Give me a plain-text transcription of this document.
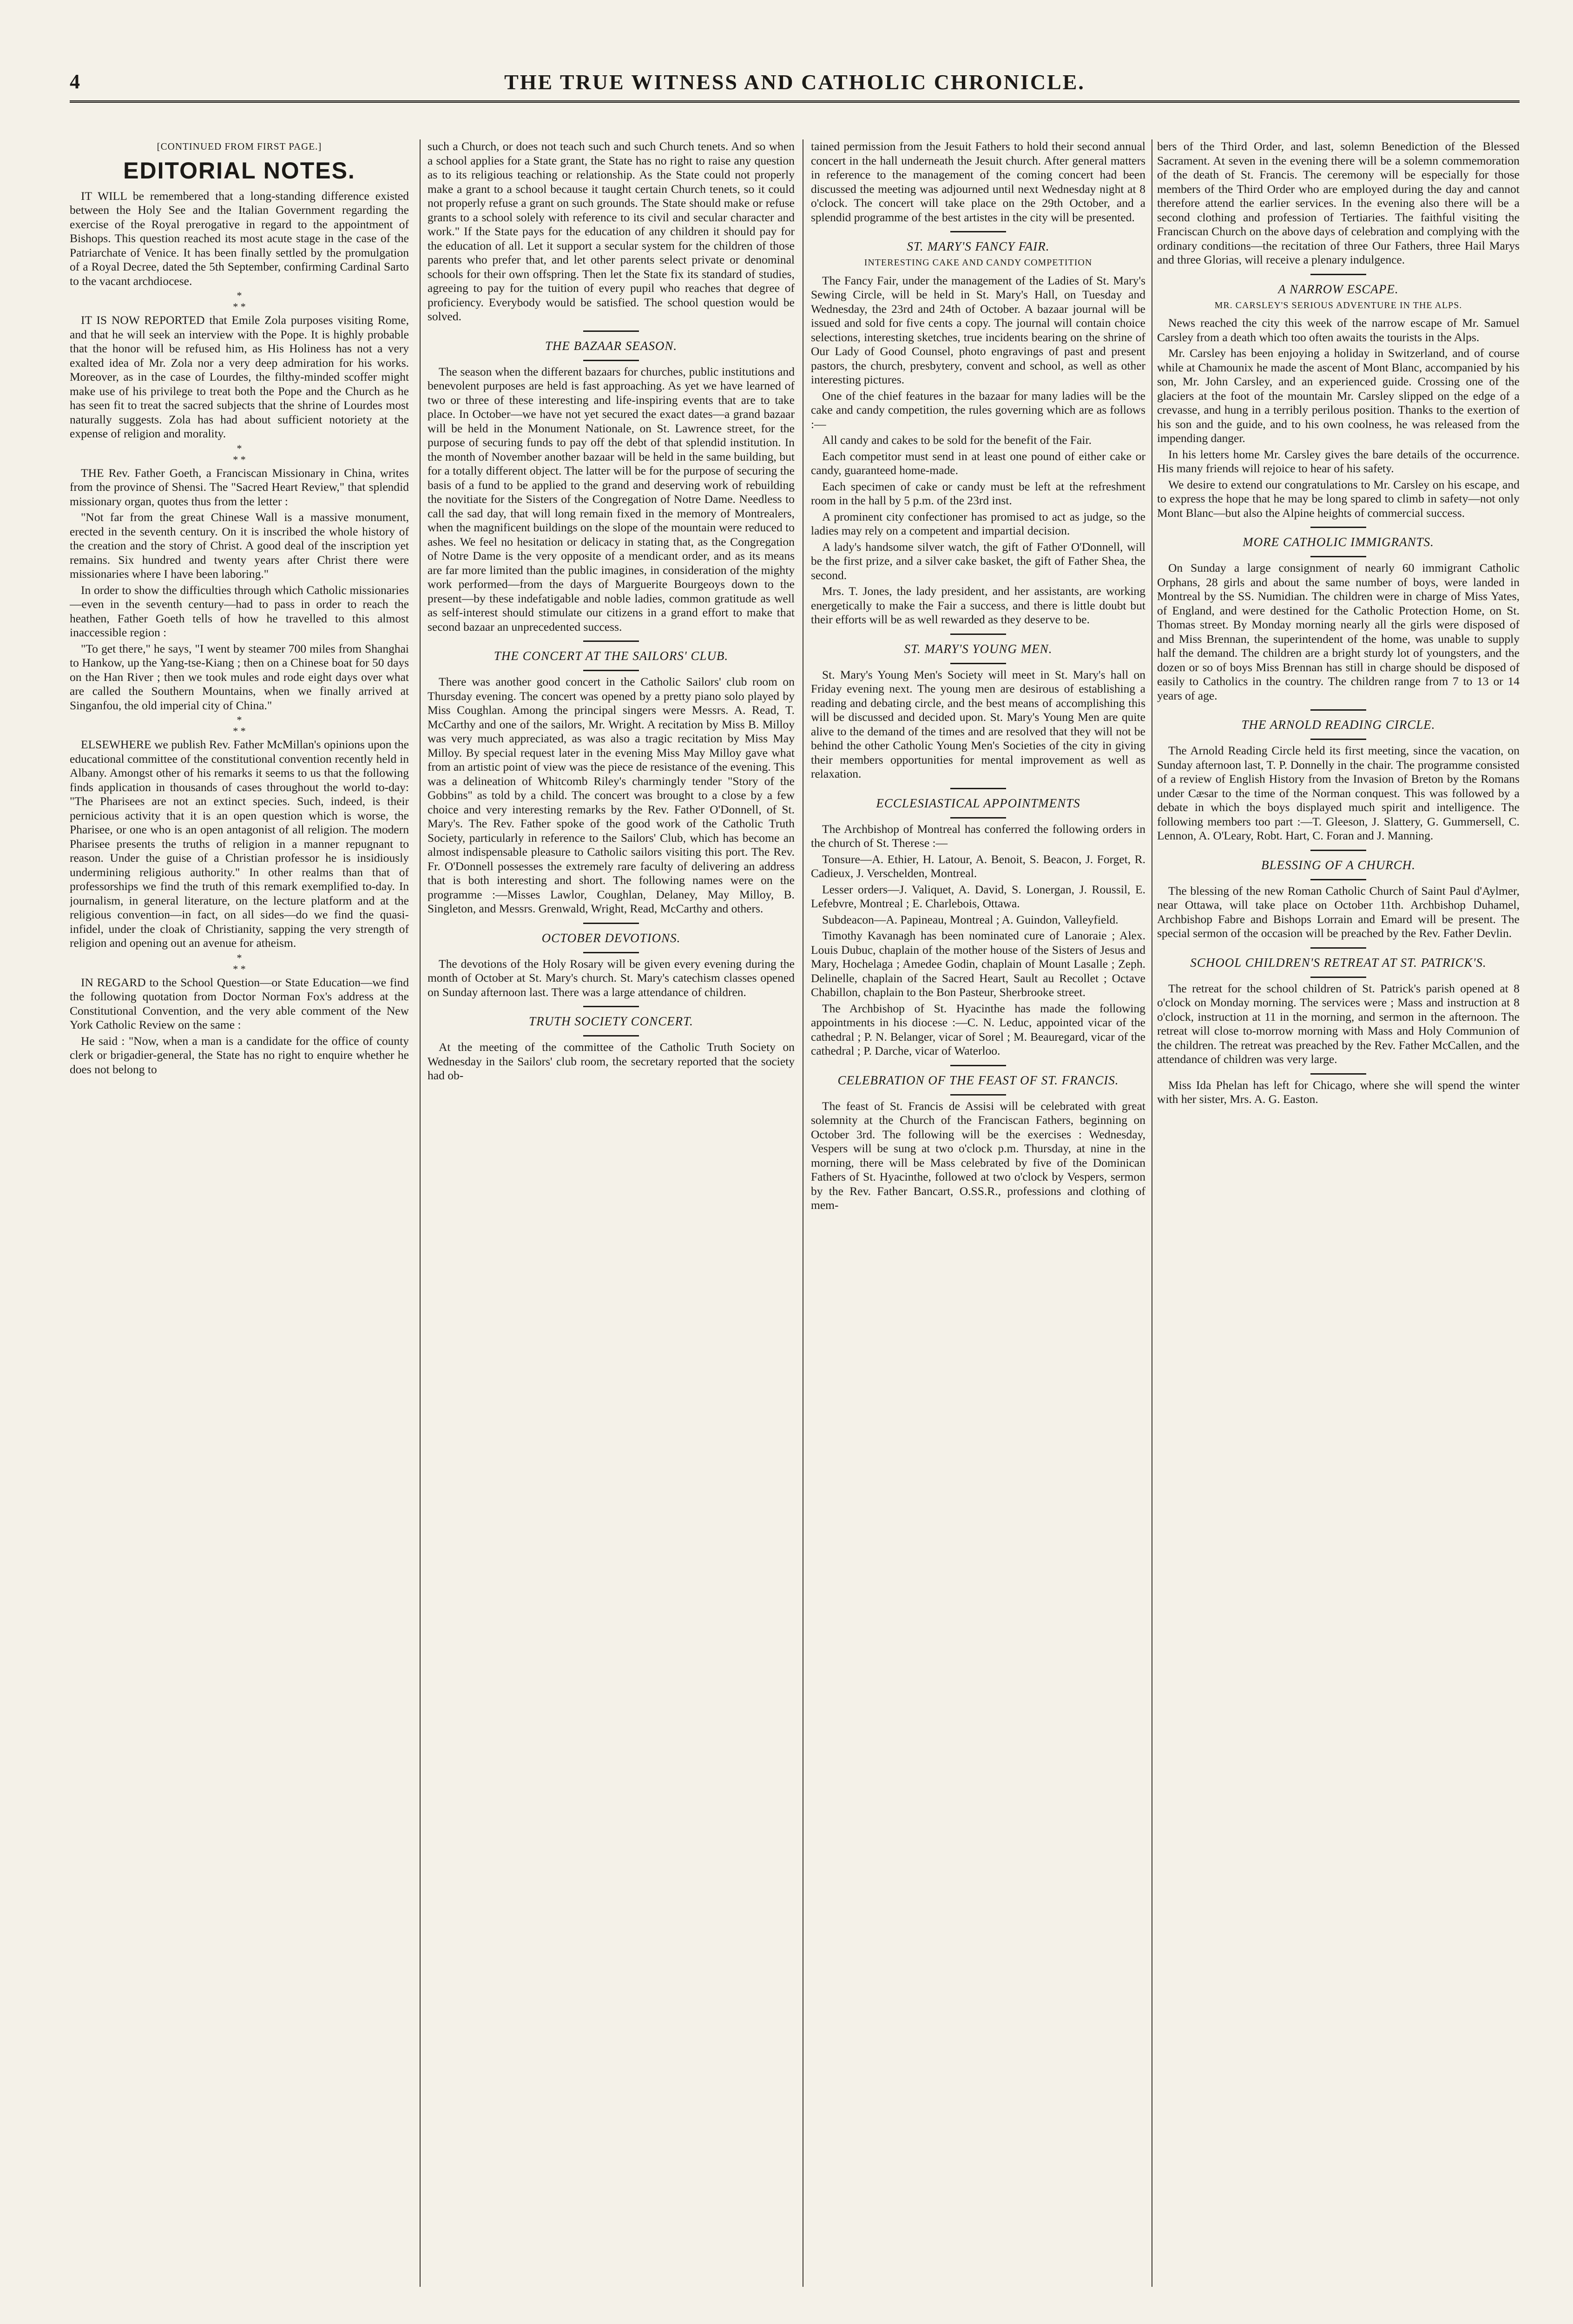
4	THE TRUE WITNESS AND CATHOLIC CHRONICLE.
[CONTINUED FROM FIRST PAGE.]
EDITORIAL NOTES.

IT WILL be remembered that a long-standing difference existed between the Holy See and the Italian Government regarding the exercise of the Royal prerogative in regard to the appointment of Bishops. This question reached its most acute stage in the case of the Patriarchate of Venice. It has been finally settled by the promulgation of a Royal Decree, dated the 5th September, confirming Cardinal Sarto to the vacant archdiocese.

*
* *

IT IS NOW REPORTED that Emile Zola purposes visiting Rome, and that he will seek an interview with the Pope. It is highly probable that the honor will be refused him, as His Holiness has not a very exalted idea of Mr. Zola nor a very deep admiration for his works. Moreover, as in the case of Lourdes, the filthy-minded scoffer might make use of his privilege to treat both the Pope and the Church as he has seen fit to treat the sacred subjects that the shrine of Lourdes most naturally suggests. Zola has had about sufficient notoriety at the expense of religion and morality.

*
* *

THE Rev. Father Goeth, a Franciscan Missionary in China, writes from the province of Shensi. The "Sacred Heart Review," that splendid missionary organ, quotes thus from the letter :

"Not far from the great Chinese Wall is a massive monument, erected in the seventh century. On it is inscribed the whole history of the creation and the story of Christ. A good deal of the inscription yet remains. Six hundred and twenty years after Christ there were missionaries where I have been laboring."

In order to show the difficulties through which Catholic missionaries—even in the seventh century—had to pass in order to reach the heathen, Father Goeth tells of how he travelled to this almost inaccessible region :

"To get there," he says, "I went by steamer 700 miles from Shanghai to Hankow, up the Yang-tse-Kiang ; then on a Chinese boat for 50 days on the Han River ; then we took mules and rode eight days over what are called the Southern Mountains, when we finally arrived at Singanfou, the old imperial city of China."

*
* *

ELSEWHERE we publish Rev. Father McMillan's opinions upon the educational committee of the constitutional convention recently held in Albany. Amongst other of his remarks it seems to us that the following finds application in thousands of cases throughout the world to-day: "The Pharisees are not an extinct species. Such, indeed, is their pernicious activity that it is an open question which is worse, the Pharisee, or one who is an open antagonist of all religion. The modern Pharisee presents the truths of religion in a manner repugnant to reason. Under the guise of a Christian professor he is insidiously undermining religious authority." In other realms than that of professorships we find the truth of this remark exemplified to-day. In journalism, in general literature, on the lecture platform and at the religious convention—in fact, on all sides—do we find the quasi-infidel, under the cloak of Christianity, sapping the very strength of religion and opening out an avenue for atheism.

*
* *

IN REGARD to the School Question—or State Education—we find the following quotation from Doctor Norman Fox's address at the Constitutional Convention, and the very able comment of the New York Catholic Review on the same :

He said : "Now, when a man is a candidate for the office of county clerk or brigadier-general, the State has no right to enquire whether he does not belong to

such a Church, or does not teach such and such Church tenets. And so when a school applies for a State grant, the State has no right to raise any question as to its religious teaching or relationship. As the State could not properly make a grant to a school because it taught certain Church tenets, so it could not properly refuse a grant on such grounds. The State should make or refuse grants to a school solely with reference to its civil and secular character and work." If the State pays for the education of any children it should pay for the education of all. Let it support a secular system for the children of those parents who prefer that, and let other parents select private or denominal schools for their own offspring. Then let the State fix its standard of studies, agreeing to pay for the tuition of every pupil who reaches that degree of proficiency. Everybody would be satisfied. The school question would be solved.

THE BAZAAR SEASON.

The season when the different bazaars for churches, public institutions and benevolent purposes are held is fast approaching. As yet we have learned of two or three of these interesting and life-inspiring events that are to take place. In October—we have not yet secured the exact dates—a grand bazaar will be held in the Monument Nationale, on St. Lawrence street, for the purpose of securing funds to pay off the debt of that splendid institution. In the month of November another bazaar will be held in the same building, but for a totally different object. The latter will be for the purpose of securing the basis of a fund to be applied to the grand and deserving work of rebuilding the novitiate for the Sisters of the Congregation of Notre Dame. Needless to call the sad day, that will long remain fixed in the memory of Montrealers, when the magnificent buildings on the slope of the mountain were reduced to ashes. We feel no hesitation or delicacy in stating that, as the Congregation of Notre Dame is the very opposite of a mendicant order, and as its means are far more limited than the public imagines, in consideration of the mighty work performed—from the days of Marguerite Bourgeoys down to the present—by these indefatigable and noble ladies, common gratitude as well as self-interest should stimulate our citizens in a grand effort to make that second bazaar an unprecedented success.

THE CONCERT AT THE SAILORS' CLUB.

There was another good concert in the Catholic Sailors' club room on Thursday evening. The concert was opened by a pretty piano solo played by Miss Coughlan. Among the principal singers were Messrs. A. Read, T. McCarthy and one of the sailors, Mr. Wright. A recitation by Miss B. Milloy was very much appreciated, as was also a tragic recitation by Miss May Milloy. By special request later in the evening Miss May Milloy gave what from an artistic point of view was the piece de resistance of the evening. This was a delineation of Whitcomb Riley's charmingly tender "Story of the Gobbins" as told by a child. The concert was brought to a close by a few choice and very interesting remarks by the Rev. Father O'Donnell, of St. Mary's. The Rev. Father spoke of the good work of the Catholic Truth Society, particularly in reference to the Sailors' Club, which has become an almost indispensable pleasure to Catholic sailors visiting this port. The Rev. Fr. O'Donnell possesses the extremely rare faculty of delivering an address that is both interesting and short. The following names were on the programme :—Misses Lawlor, Coughlan, Delaney, May Milloy, B. Singleton, and Messrs. Grenwald, Wright, Read, McCarthy and others.

OCTOBER DEVOTIONS.

The devotions of the Holy Rosary will be given every evening during the month of October at St. Mary's church. St. Mary's catechism classes opened on Sunday afternoon last. There was a large attendance of children.

TRUTH SOCIETY CONCERT.

At the meeting of the committee of the Catholic Truth Society on Wednesday in the Sailors' club room, the secretary reported that the society had ob-

tained permission from the Jesuit Fathers to hold their second annual concert in the hall underneath the Jesuit church. After general matters in reference to the management of the coming concert had been discussed the meeting was adjourned until next Wednesday night at 8 o'clock. The concert will take place on the 29th October, and a splendid programme of the best artistes in the city will be presented.

ST. MARY'S FANCY FAIR.
INTERESTING CAKE AND CANDY COMPETITION

The Fancy Fair, under the management of the Ladies of St. Mary's Sewing Circle, will be held in St. Mary's Hall, on Tuesday and Wednesday, the 23rd and 24th of October. A bazaar journal will be issued and sold for five cents a copy. The journal will contain choice selections, interesting sketches, true incidents bearing on the shrine of Our Lady of Good Counsel, photo engravings of past and present pastors, the church, presbytery, convent and school, as well as other interesting pictures.

One of the chief features in the bazaar for many ladies will be the cake and candy competition, the rules governing which are as follows :—

All candy and cakes to be sold for the benefit of the Fair.

Each competitor must send in at least one pound of either cake or candy, guaranteed home-made.

Each specimen of cake or candy must be left at the refreshment room in the hall by 5 p.m. of the 23rd inst.

A prominent city confectioner has promised to act as judge, so the ladies may rely on a competent and impartial decision.

A lady's handsome silver watch, the gift of Father O'Donnell, will be the first prize, and a silver cake basket, the gift of Father Shea, the second.

Mrs. T. Jones, the lady president, and her assistants, are working energetically to make the Fair a success, and there is little doubt but their efforts will be as well rewarded as they deserve to be.

ST. MARY'S YOUNG MEN.

St. Mary's Young Men's Society will meet in St. Mary's hall on Friday evening next. The young men are desirous of establishing a reading and debating circle, and the best means of accomplishing this will be discussed and decided upon. St. Mary's Young Men are quite alive to the demand of the times and are resolved that they will not be behind the other Catholic Young Men's Societies of the city in giving their members opportunities for mental improvement as well as relaxation.

ECCLESIASTICAL APPOINTMENTS

The Archbishop of Montreal has conferred the following orders in the church of St. Therese :—

Tonsure—A. Ethier, H. Latour, A. Benoit, S. Beacon, J. Forget, R. Cadieux, J. Verschelden, Montreal.

Lesser orders—J. Valiquet, A. David, S. Lonergan, J. Roussil, E. Lefebvre, Montreal ; E. Charlebois, Ottawa.

Subdeacon—A. Papineau, Montreal ; A. Guindon, Valleyfield.

Timothy Kavanagh has been nominated cure of Lanoraie ; Alex. Louis Dubuc, chaplain of the mother house of the Sisters of Jesus and Mary, Hochelaga ; Amedee Godin, chaplain of Mount Lasalle ; Zeph. Delinelle, chaplain of the Sacred Heart, Sault au Recollet ; Octave Chabillon, chaplain to the Bon Pasteur, Sherbrooke street.

The Archbishop of St. Hyacinthe has made the following appointments in his diocese :—C. N. Leduc, appointed vicar of the cathedral ; P. N. Belanger, vicar of Sorel ; M. Beauregard, vicar of the cathedral ; P. Darche, vicar of Waterloo.

CELEBRATION OF THE FEAST OF ST. FRANCIS.

The feast of St. Francis de Assisi will be celebrated with great solemnity at the Church of the Franciscan Fathers, beginning on October 3rd. The following will be the exercises : Wednesday, Vespers will be sung at two o'clock p.m. Thursday, at nine in the morning, there will be Mass celebrated by five of the Dominican Fathers of St. Hyacinthe, followed at two o'clock by Vespers, sermon by the Rev. Father Bancart, O.SS.R., professions and clothing of mem-

bers of the Third Order, and last, solemn Benediction of the Blessed Sacrament. At seven in the evening there will be a solemn commemoration of the death of St. Francis. The ceremony will be especially for those members of the Third Order who are employed during the day and cannot therefore attend the earlier services. In the evening also there will be a second clothing and profession of Tertiaries. The faithful visiting the Franciscan Church on the above days of celebration and complying with the ordinary conditions—the recitation of three Our Fathers, three Hail Marys and three Glorias, will receive a plenary indulgence.

A NARROW ESCAPE.
MR. CARSLEY'S SERIOUS ADVENTURE IN THE ALPS.

News reached the city this week of the narrow escape of Mr. Samuel Carsley from a death which too often awaits the tourists in the Alps.

Mr. Carsley has been enjoying a holiday in Switzerland, and of course while at Chamounix he made the ascent of Mont Blanc, accompanied by his son, Mr. John Carsley, and an experienced guide. Crossing one of the glaciers at the foot of the mountain Mr. Carsley slipped on the edge of a crevasse, and hung in a terribly perilous position. Thanks to the exertion of his son and the guide, and to his own coolness, he was released from the impending danger.

In his letters home Mr. Carsley gives the bare details of the occurrence. His many friends will rejoice to hear of his safety.

We desire to extend our congratulations to Mr. Carsley on his escape, and to express the hope that he may be long spared to climb in safety—not only Mont Blanc—but also the Alpine heights of commercial success.

MORE CATHOLIC IMMIGRANTS.

On Sunday a large consignment of nearly 60 immigrant Catholic Orphans, 28 girls and about the same number of boys, were landed in Montreal by the SS. Numidian. The children were in charge of Miss Yates, of England, and were destined for the Catholic Protection Home, on St. Thomas street. By Monday morning nearly all the girls were disposed of and Miss Brennan, the superintendent of the home, was unable to supply half the demand. The children are a bright sturdy lot of youngsters, and the dozen or so of boys Miss Brennan has still in charge should be disposed of easily to Catholics in the country. The children range from 7 to 13 or 14 years of age.

THE ARNOLD READING CIRCLE.

The Arnold Reading Circle held its first meeting, since the vacation, on Sunday afternoon last, T. P. Donnelly in the chair. The programme consisted of a review of English History from the Invasion of Breton by the Romans under Cæsar to the time of the Norman conquest. This was followed by a debate in which the boys displayed much spirit and intelligence. The following members too part :—T. Gleeson, J. Slattery, G. Gummersell, C. Lennon, A. O'Leary, Robt. Hart, C. Foran and J. Manning.

BLESSING OF A CHURCH.

The blessing of the new Roman Catholic Church of Saint Paul d'Aylmer, near Ottawa, will take place on October 11th. Archbishop Duhamel, Archbishop Fabre and Bishops Lorrain and Emard will be present. The special sermon of the occasion will be preached by the Rev. Father Devlin.

SCHOOL CHILDREN'S RETREAT AT ST. PATRICK'S.

The retreat for the school children of St. Patrick's parish opened at 8 o'clock on Monday morning. The services were ; Mass and instruction at 8 o'clock, instruction at 11 in the morning, and sermon in the afternoon. The retreat will close to-morrow morning with Mass and Holy Communion of the children. The retreat was preached by the Rev. Father McCallen, and the attendance of children was very large.

Miss Ida Phelan has left for Chicago, where she will spend the winter with her sister, Mrs. A. G. Easton.
